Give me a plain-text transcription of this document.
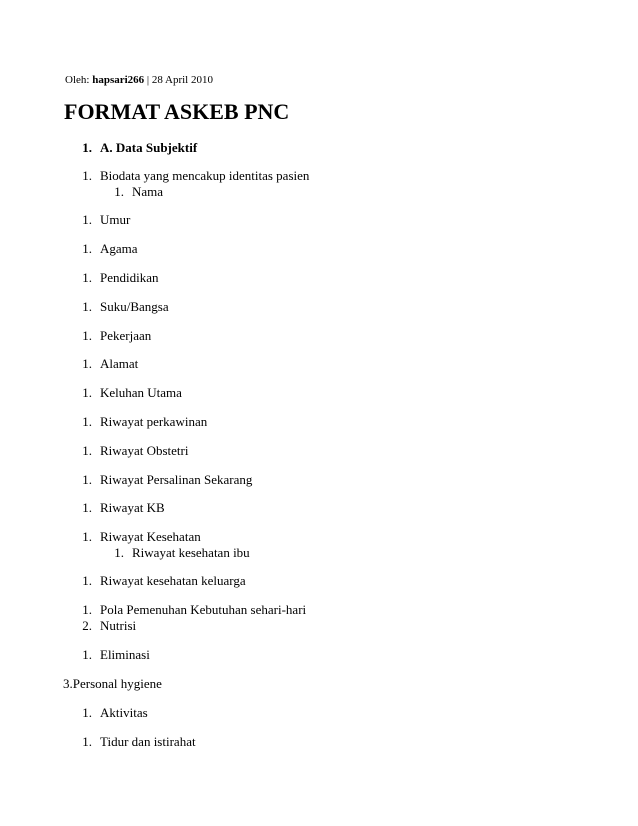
Oleh: hapsari266 | 28 April 2010
FORMAT ASKEB PNC
1. A. Data Subjektif
1. Biodata yang mencakup identitas pasien
1. Nama
1. Umur
1. Agama
1. Pendidikan
1. Suku/Bangsa
1. Pekerjaan
1. Alamat
1. Keluhan Utama
1. Riwayat perkawinan
1. Riwayat Obstetri
1. Riwayat Persalinan Sekarang
1. Riwayat KB
1. Riwayat Kesehatan
1. Riwayat kesehatan ibu
1. Riwayat kesehatan keluarga
1. Pola Pemenuhan Kebutuhan sehari-hari
2. Nutrisi
1. Eliminasi
3.Personal hygiene
1. Aktivitas
1. Tidur dan istirahat
